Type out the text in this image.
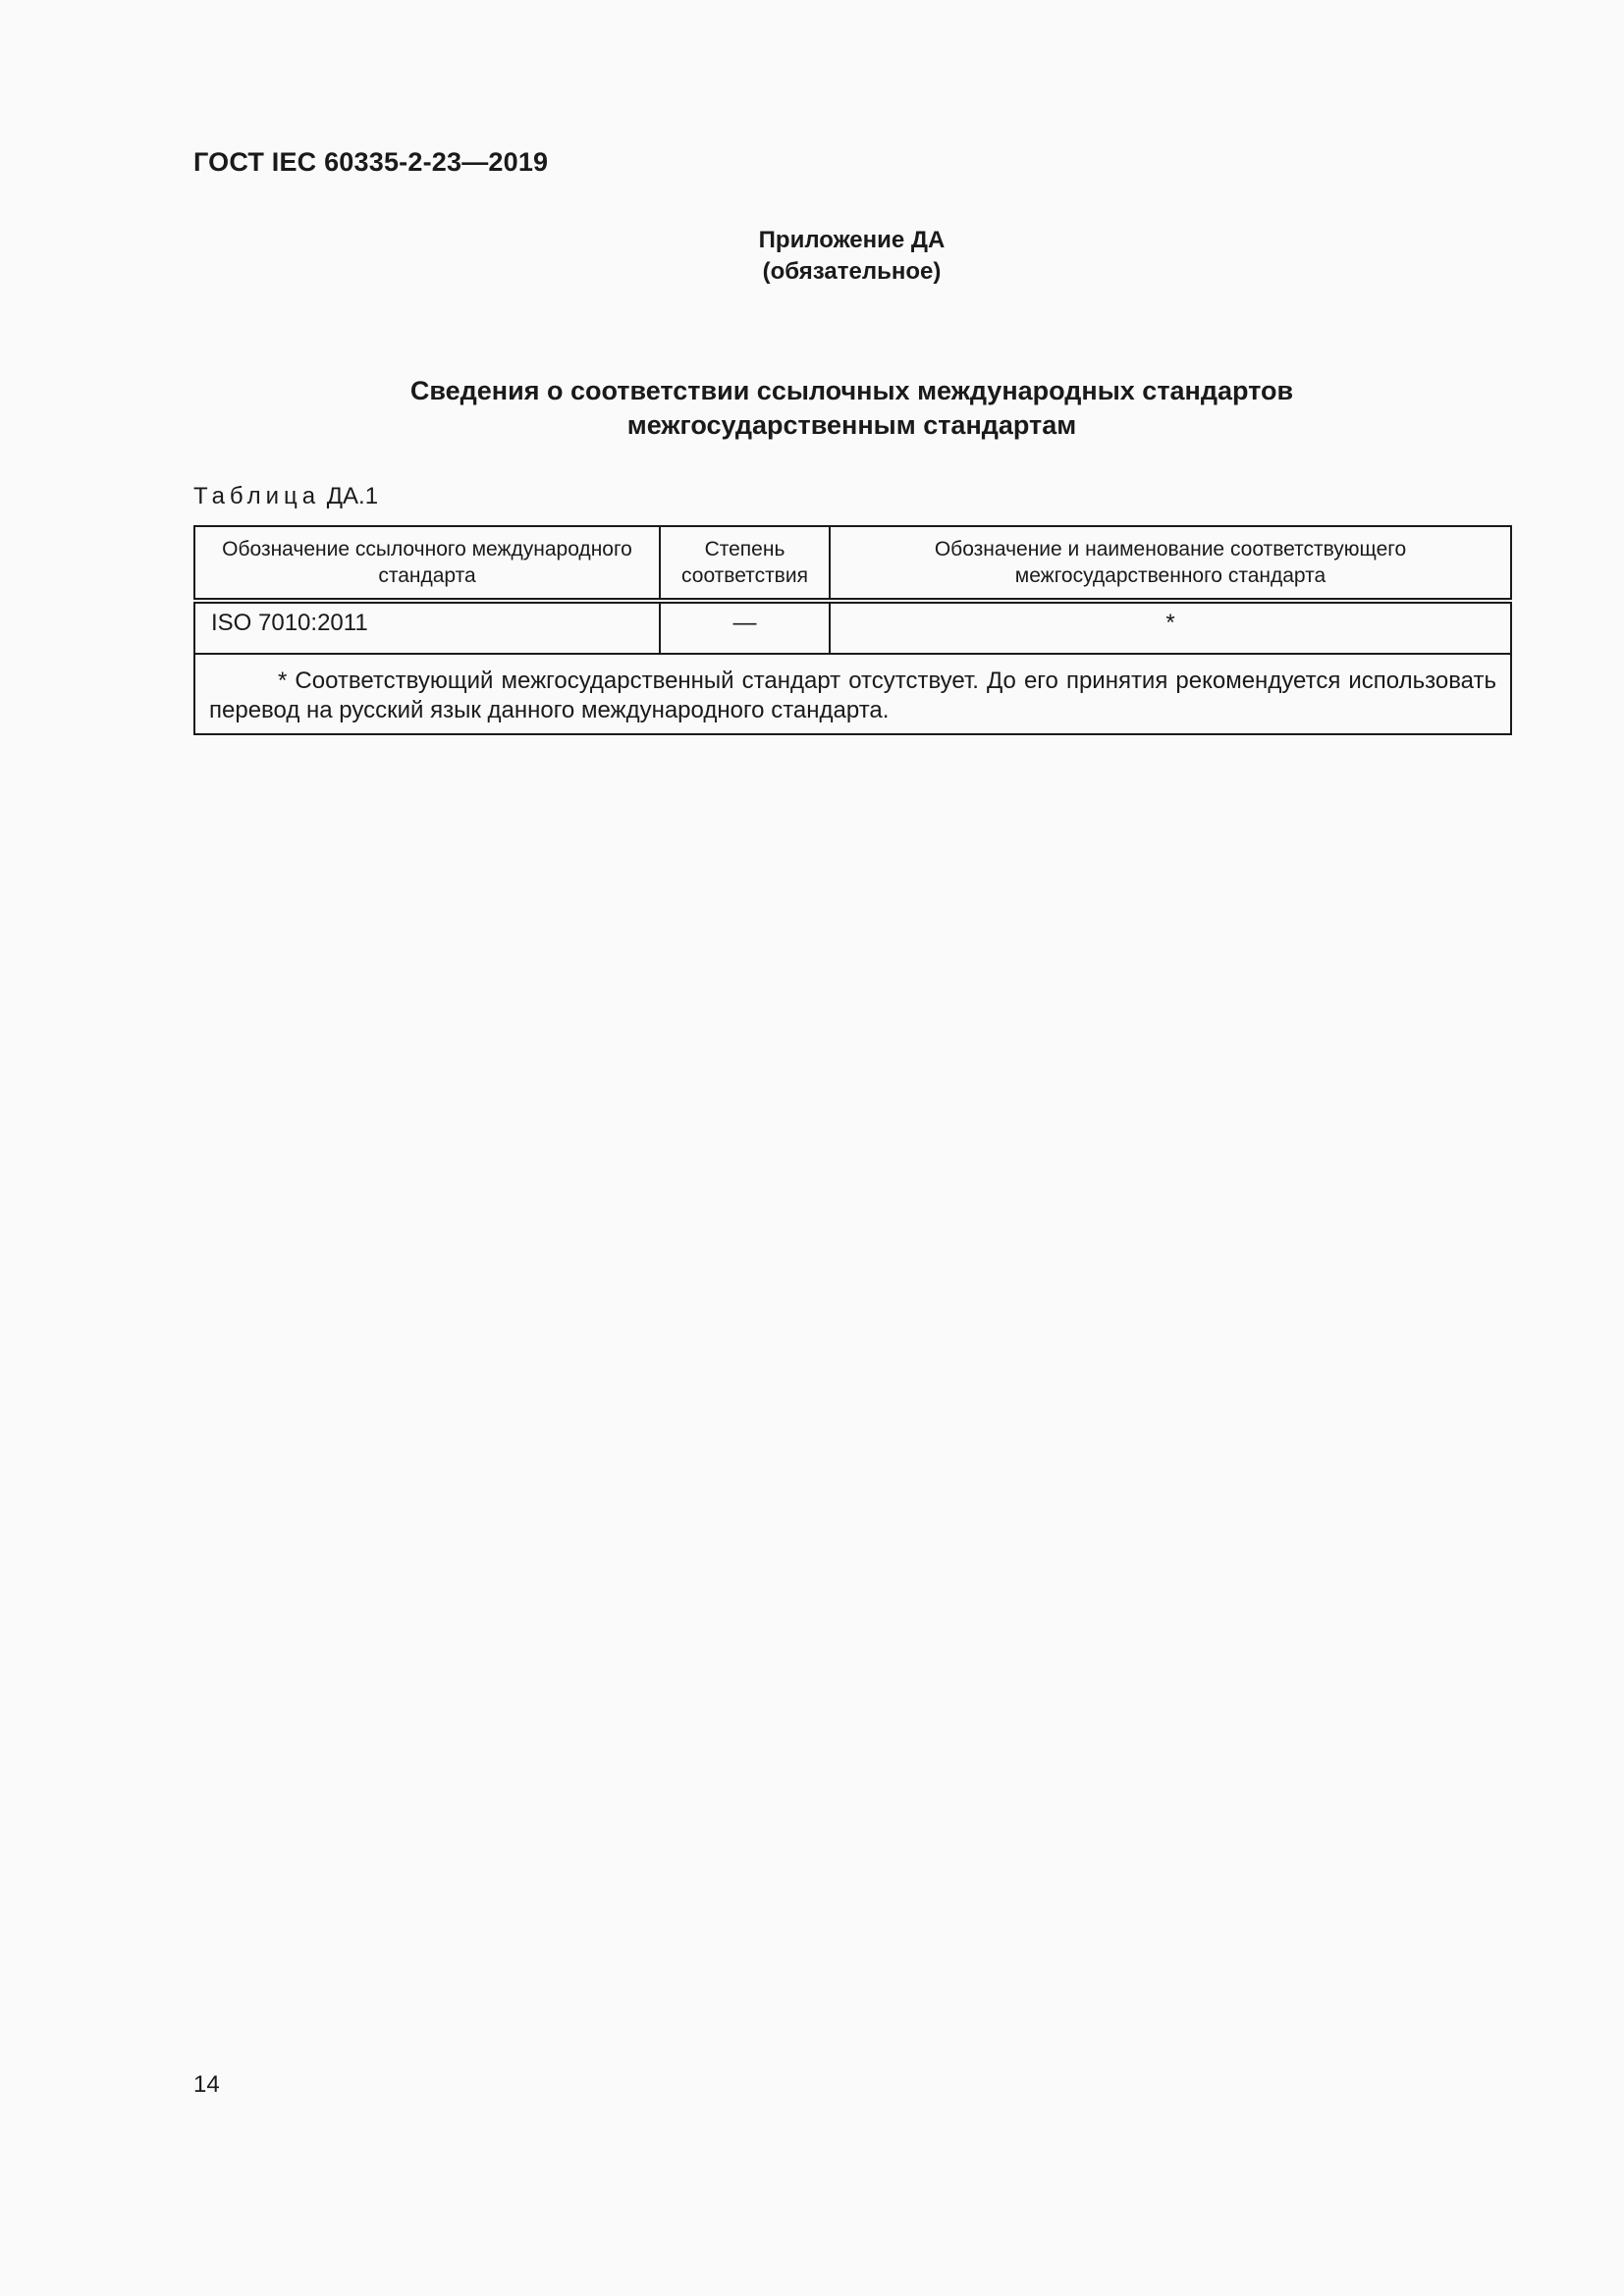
ГОСТ IEC 60335-2-23—2019
Приложение ДА
(обязательное)
Сведения о соответствии ссылочных международных стандартов
межгосударственным стандартам
Таблица ДА.1
Обозначение ссылочного международного стандарта	Степень соответствия	Обозначение и наименование соответствующего межгосударственного стандарта
ISO 7010:2011	—	*
* Соответствующий межгосударственный стандарт отсутствует. До его принятия рекомендуется использовать перевод на русский язык данного международного стандарта.		
14
